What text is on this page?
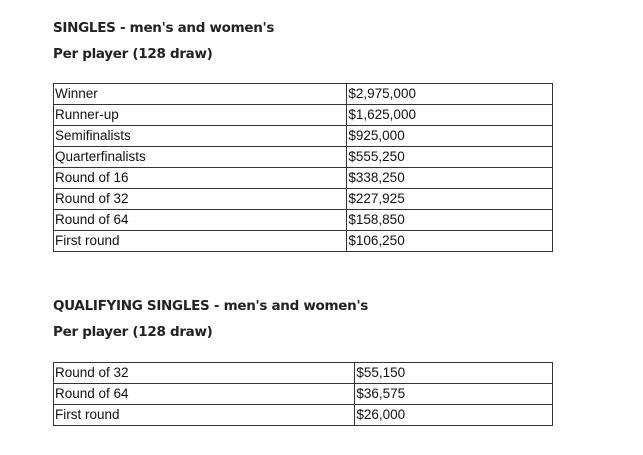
SINGLES - men's and women's
Per player (128 draw)
Winner	$2,975,000
Runner-up	$1,625,000
Semifinalists	$925,000
Quarterfinalists	$555,250
Round of 16	$338,250
Round of 32	$227,925
Round of 64	$158,850
First round	$106,250
QUALIFYING SINGLES - men's and women's
Per player (128 draw)
Round of 32	$55,150
Round of 64	$36,575
First round	$26,000
